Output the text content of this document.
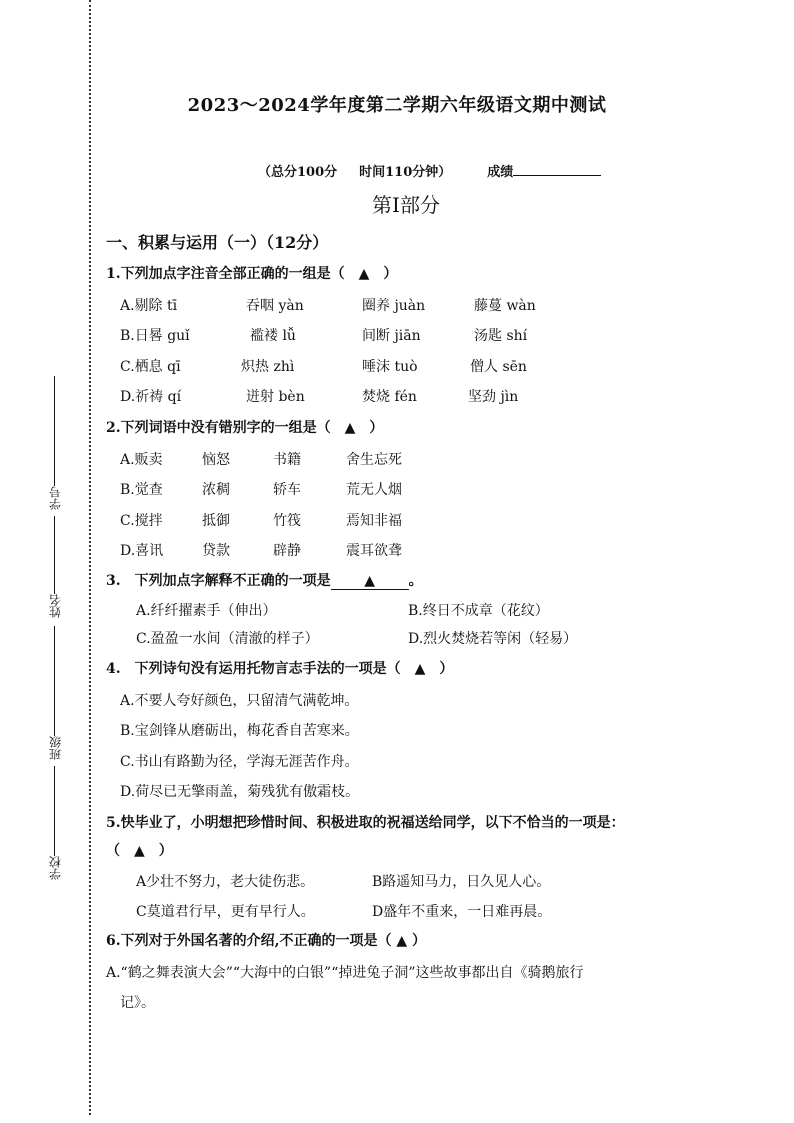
学号
姓名
班级
学校
2023～2024学年度第二学期六年级语文期中测试
（总分100分 时间110分钟）	成绩
第Ⅰ部分
一、积累与运用（一）（12分）
1.下列加点字注音全部正确的一组是（　▲　）
A.剔除 tī	吞咽 yàn	圈养 juàn	藤蔓 wàn
B.日晷 guǐ	褴褛 lǚ	间断 jiān	汤匙 shí
C.栖息 qī	炽热 zhì	唾沫 tuò	僧人 sēn
D.祈祷 qí	迸射 bèn	焚烧 fén	坚劲 jìn
2.下列词语中没有错别字的一组是（　▲　）
A.贩卖	恼怒	书籍	舍生忘死
B.觉查	浓稠	轿车	荒无人烟
C.搅拌	抵御	竹筏	焉知非福
D.喜讯	贷款	辟静	震耳欲聋
3.　下列加点字解释不正确的一项是 ▲ 。
A.纤纤擢素手（伸出）	B.终日不成章（花纹）
C.盈盈一水间（清澈的样子）	D.烈火焚烧若等闲（轻易）
4.　下列诗句没有运用托物言志手法的一项是（　▲　）
A.不要人夸好颜色，只留清气满乾坤。
B.宝剑锋从磨砺出，梅花香自苦寒来。
C.书山有路勤为径，学海无涯苦作舟。
D.荷尽已无擎雨盖，菊残犹有傲霜枝。
5.快毕业了，小明想把珍惜时间、积极进取的祝福送给同学，以下不恰当的一项是：
（　▲　）
A少壮不努力，老大徒伤悲。	B路遥知马力，日久见人心。
C莫道君行早，更有早行人。	D盛年不重来，一日难再晨。
6.下列对于外国名著的介绍,不正确的一项是（ ▲ ）
A.“鹤之舞表演大会”“大海中的白银”“掉进兔子洞”这些故事都出自《骑鹅旅行
记》。
